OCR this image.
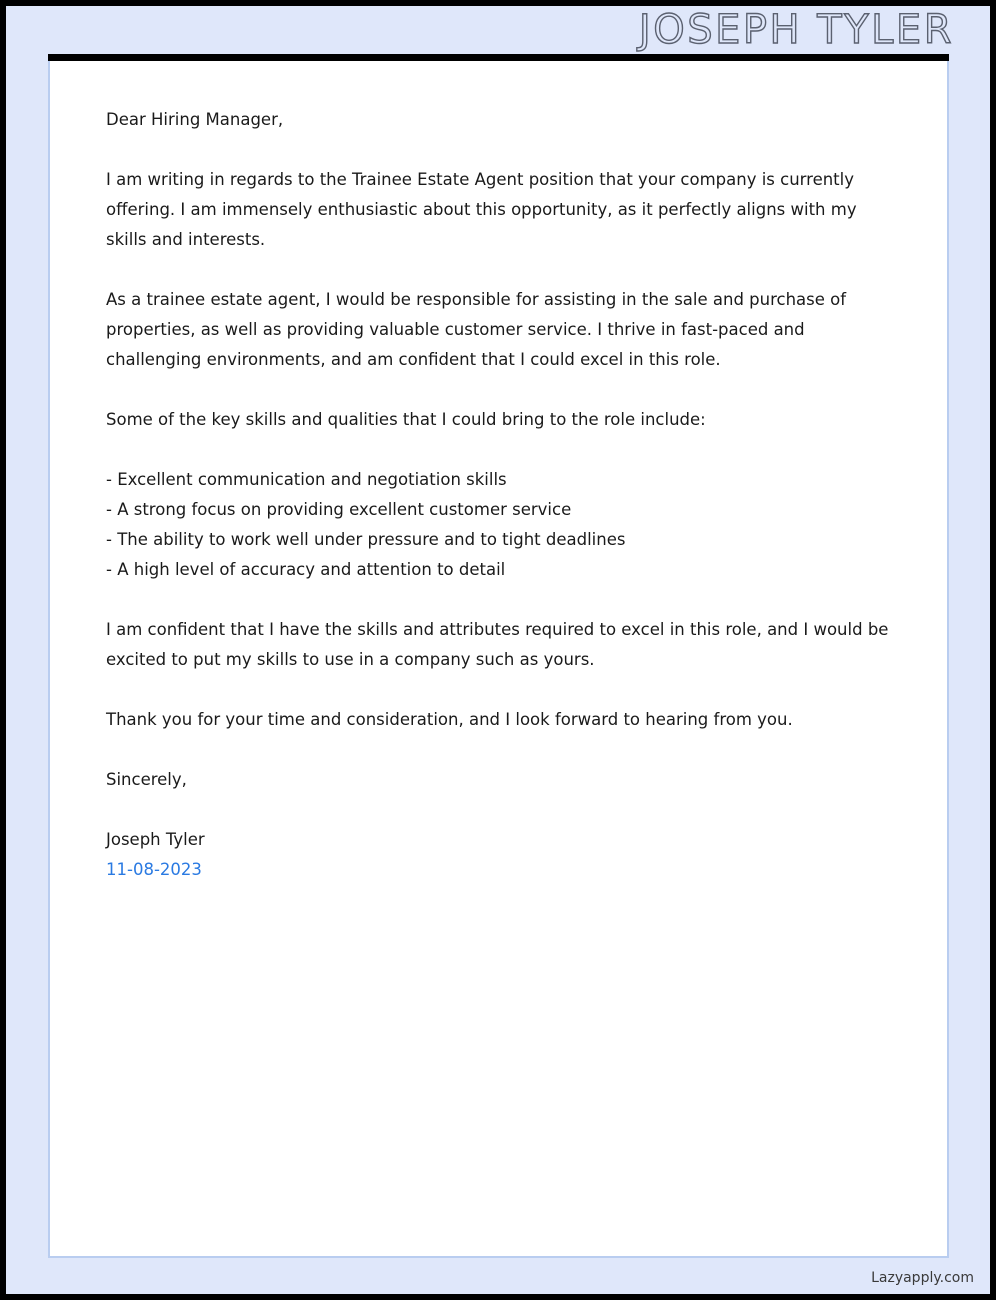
JOSEPH TYLER

Dear Hiring Manager,

I am writing in regards to the Trainee Estate Agent position that your company is currently offering. I am immensely enthusiastic about this opportunity, as it perfectly aligns with my skills and interests.

As a trainee estate agent, I would be responsible for assisting in the sale and purchase of properties, as well as providing valuable customer service. I thrive in fast-paced and challenging environments, and am confident that I could excel in this role.

Some of the key skills and qualities that I could bring to the role include:

- Excellent communication and negotiation skills
- A strong focus on providing excellent customer service
- The ability to work well under pressure and to tight deadlines
- A high level of accuracy and attention to detail

I am confident that I have the skills and attributes required to excel in this role, and I would be excited to put my skills to use in a company such as yours.

Thank you for your time and consideration, and I look forward to hearing from you.

Sincerely,
Joseph Tyler
11-08-2023
Lazyapply.com
